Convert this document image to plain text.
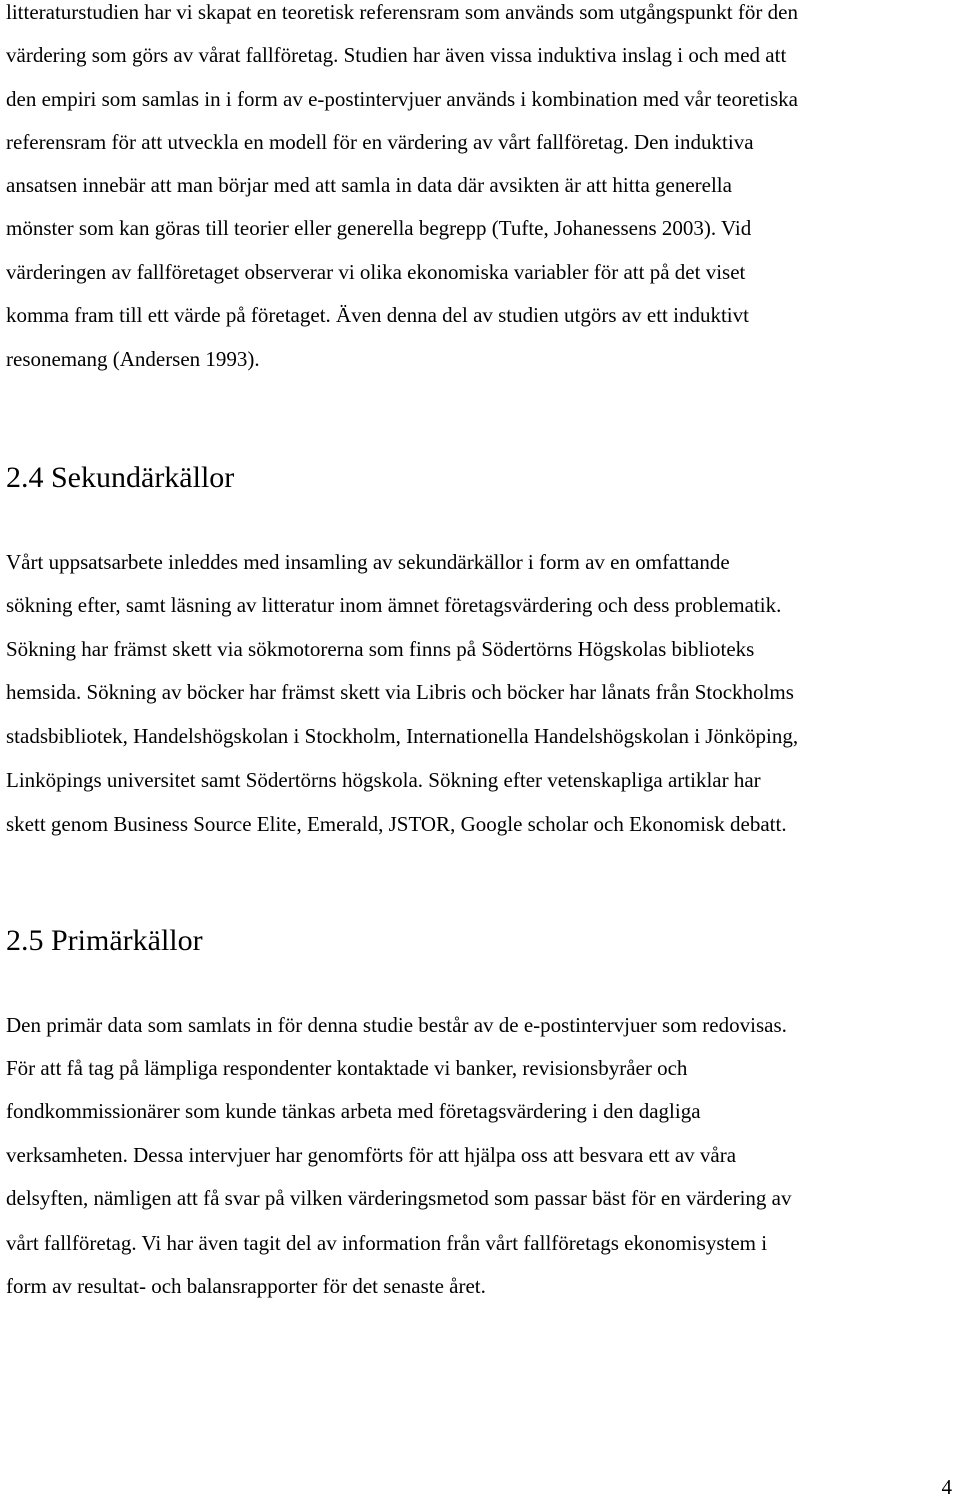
litteraturstudien har vi skapat en teoretisk referensram som används som utgångspunkt för den

värdering som görs av vårat fallföretag. Studien har även vissa induktiva inslag i och med att

den empiri som samlas in i form av e-postintervjuer används i kombination med vår teoretiska

referensram för att utveckla en modell för en värdering av vårt fallföretag. Den induktiva

ansatsen innebär att man börjar med att samla in data där avsikten är att hitta generella

mönster som kan göras till teorier eller generella begrepp (Tufte, Johanessens 2003). Vid

värderingen av fallföretaget observerar vi olika ekonomiska variabler för att på det viset

komma fram till ett värde på företaget. Även denna del av studien utgörs av ett induktivt

resonemang (Andersen 1993).

2.4 Sekundärkällor

Vårt uppsatsarbete inleddes med insamling av sekundärkällor i form av en omfattande

sökning efter, samt läsning av litteratur inom ämnet företagsvärdering och dess problematik.

Sökning har främst skett via sökmotorerna som finns på Södertörns Högskolas biblioteks

hemsida. Sökning av böcker har främst skett via Libris och böcker har lånats från Stockholms

stadsbibliotek, Handelshögskolan i Stockholm, Internationella Handelshögskolan i Jönköping,

Linköpings universitet samt Södertörns högskola. Sökning efter vetenskapliga artiklar har

skett genom Business Source Elite, Emerald, JSTOR, Google scholar och Ekonomisk debatt.

2.5 Primärkällor

Den primär data som samlats in för denna studie består av de e-postintervjuer som redovisas.

För att få tag på lämpliga respondenter kontaktade vi banker, revisionsbyråer och

fondkommissionärer som kunde tänkas arbeta med företagsvärdering i den dagliga

verksamheten. Dessa intervjuer har genomförts för att hjälpa oss att besvara ett av våra

delsyften, nämligen att få svar på vilken värderingsmetod som passar bäst för en värdering av

vårt fallföretag. Vi har även tagit del av information från vårt fallföretags ekonomisystem i

form av resultat- och balansrapporter för det senaste året.

4
